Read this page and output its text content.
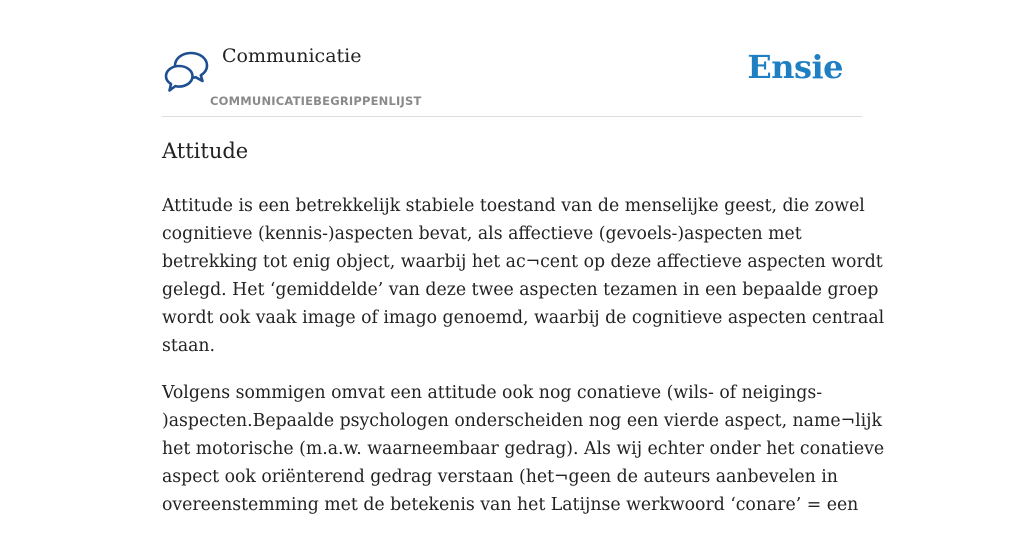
Communicatie
COMMUNICATIEBEGRIPPENLIJST
Ensie
Attitude

Attitude is een betrekkelijk stabiele toestand van de menselijke geest, die zowel
cognitieve (kennis-)aspecten bevat, als affectieve (gevoels-)aspecten met
betrekking tot enig object, waarbij het ac¬cent op deze affectieve aspecten wordt
gelegd. Het ‘gemiddelde’ van deze twee aspecten tezamen in een bepaalde groep
wordt ook vaak image of imago genoemd, waarbij de cognitieve aspecten centraal
staan.

Volgens sommigen omvat een attitude ook nog conatieve (wils- of neigings-
)aspecten.Bepaalde psychologen onderscheiden nog een vierde aspect, name¬lijk
het motorische (m.a.w. waarneembaar gedrag). Als wij echter onder het conatieve
aspect ook oriënterend gedrag verstaan (het¬geen de auteurs aanbevelen in
overeenstemming met de betekenis van het Latijnse werkwoord ‘conare’ = een
